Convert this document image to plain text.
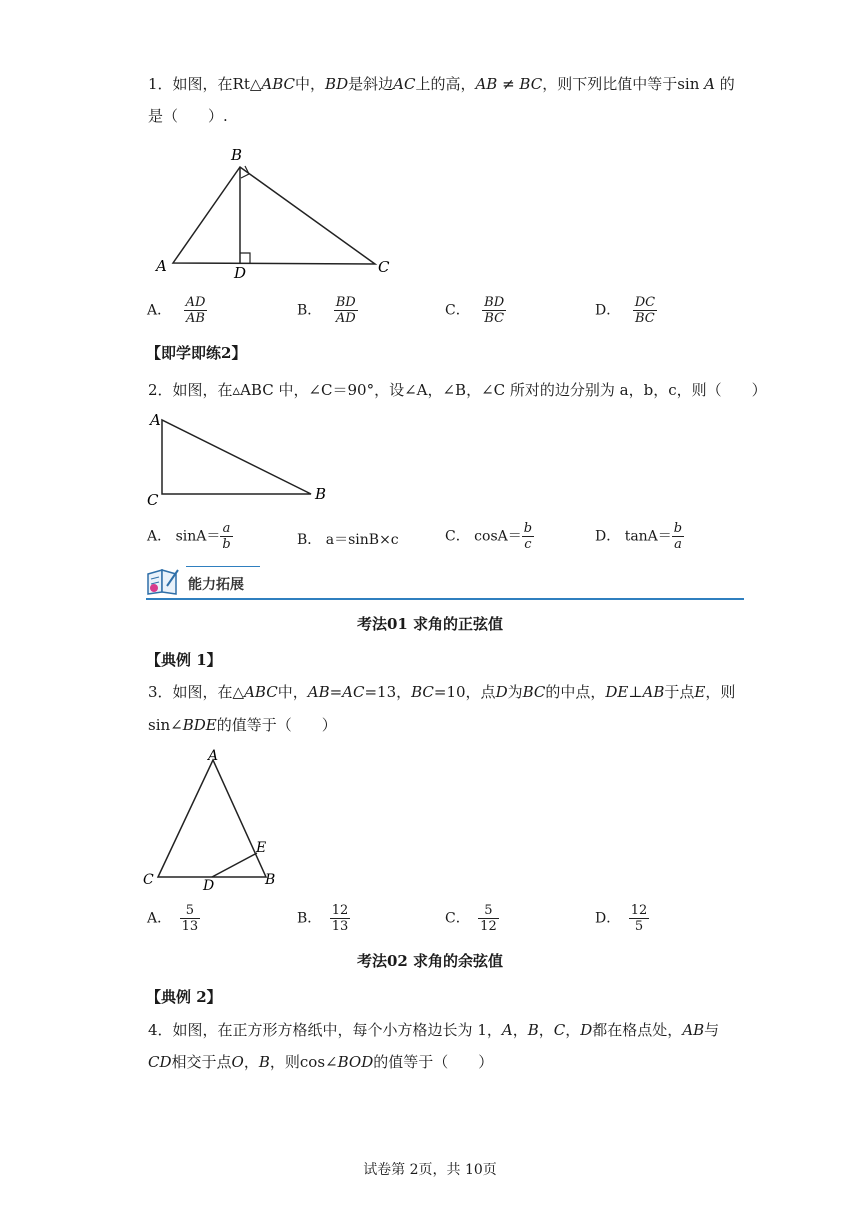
1．如图，在Rt△ABC中，BD是斜边AC上的高，AB ≠ BC，则下列比值中等于sin A 的
是（　　）.
B
A	D	C
A． $\frac{AD}{AB}$	B． $\frac{BD}{AD}$	C． $\frac{BD}{BC}$	D． $\frac{DC}{BC}$
【即学即练2】
2．如图，在▵ABC 中，∠C＝90°，设∠A，∠B，∠C 所对的边分别为 a，b，c，则（　　）
A
C	B
A． $\sin A= \frac{a}{b}$	B． a＝sinB×c	C． $\cos A= \frac{b}{c}$	D． $\tan A= \frac{b}{a}$
能力拓展
考法01 求角的正弦值
【典例 1】
3．如图，在△ABC中，AB=AC=13，BC=10，点D为BC的中点，DE⊥AB于点E，则
sin∠BDE的值等于（　　）
A
C	D	B
E
A． $\frac{5}{13}$	B． $\frac{12}{13}$	C． $\frac{5}{12}$	D． $\frac{12}{5}$
考法02 求角的余弦值
【典例 2】
4．如图，在正方形方格纸中，每个小方格边长为 1，A，B，C，D都在格点处，AB与
CD相交于点O，B，则cos∠BOD的值等于（　　）
试卷第 2页，共 10页
